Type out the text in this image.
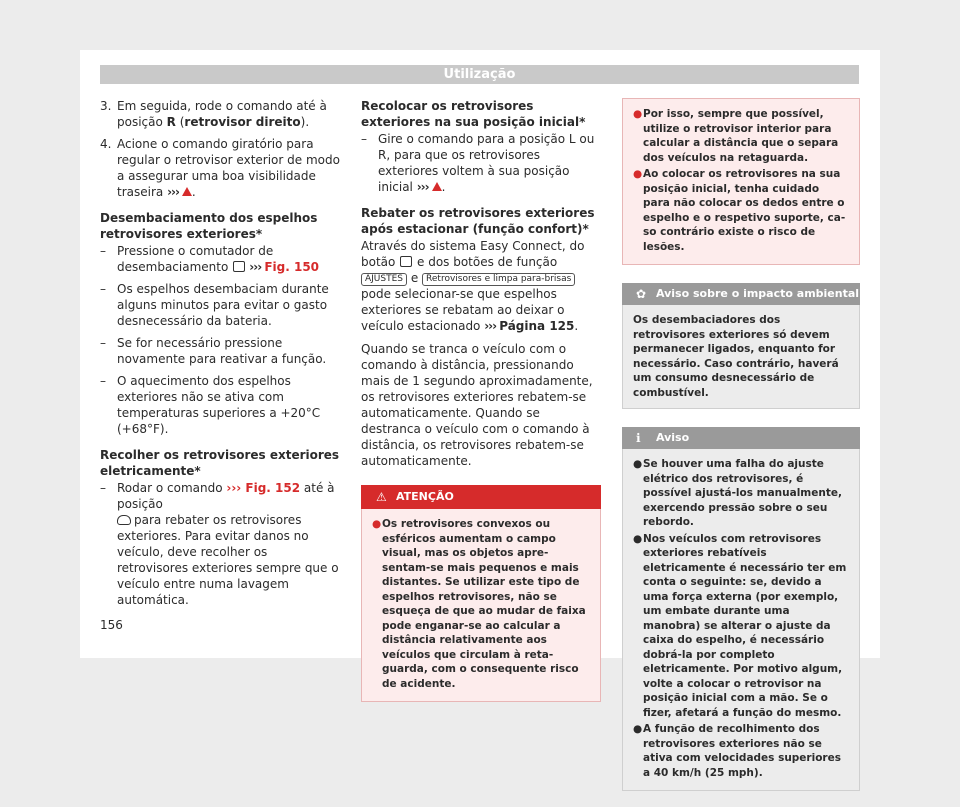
Utilização
3. Em seguida, rode o comando até à posição R (retrovisor direito).
4. Acione o comando giratório para regular o retrovisor exterior de modo a assegurar uma boa visibilidade traseira ››› .

Desembaciamento dos espelhos retrovisores exteriores*

– Pressione o comutador de desembaciamento  ››› Fig. 150
– Os espelhos desembaciam durante alguns minutos para evitar o gasto desnecessário da bateria.
– Se for necessário pressione novamente para reativar a função.
– O aquecimento dos espelhos exteriores não se ativa com temperaturas superiores a +20°C (+68°F).

Recolher os retrovisores exteriores eletricamente*

– Rodar o comando ››› Fig. 152 até à posição
para rebater os retrovisores exteriores. Para evitar danos no veículo, deve recolher os retrovisores exteriores sempre que o veículo entre numa lavagem automática.

Recolocar os retrovisores exteriores na sua posição inicial*

– Gire o comando para a posição L ou R, para que os retrovisores exteriores voltem à sua posição inicial ››› .

Rebater os retrovisores exteriores após estacionar (função confort)*

Através do sistema Easy Connect, do botão  e dos botões de função AJUSTES e Retrovisores e limpa para-brisas pode selecionar-se que espelhos exteriores se rebatam ao deixar o veículo estacionado ››› Página 125.

Quando se tranca o veículo com o comando à distância, pressionando mais de 1 segundo aproximadamente, os retrovisores exteriores rebatem-se automaticamente. Quando se destranca o veículo com o comando à distância, os retrovisores rebatem-se automaticamente.

⚠ ATENÇÃO
● Os retrovisores convexos ou esféricos aumentam o campo visual, mas os objetos apresentam-se mais pequenos e mais distantes. Se utilizar este tipo de espelhos retrovisores, não se esqueça de que ao mudar de faixa pode enganar-se ao calcular a distância relativamente aos veículos que circulam à retaguarda, com o consequente risco de acidente.
● Por isso, sempre que possível, utilize o retrovisor interior para calcular a distância que o separa dos veículos na retaguarda.
● Ao colocar os retrovisores na sua posição inicial, tenha cuidado para não colocar os dedos entre o espelho e o respetivo suporte, caso contrário existe o risco de lesões.
✿ Aviso sobre o impacto ambiental
Os desembaciadores dos retrovisores exteriores só devem permanecer ligados, enquanto for necessário. Caso contrário, haverá um consumo desnecessário de combustível.
ℹ Aviso
● Se houver uma falha do ajuste elétrico dos retrovisores, é possível ajustá-los manualmente, exercendo pressão sobre o seu rebordo.
● Nos veículos com retrovisores exteriores rebatíveis eletricamente é necessário ter em conta o seguinte: se, devido a uma força externa (por exemplo, um embate durante uma manobra) se alterar o ajuste da caixa do espelho, é necessário dobrá-la por completo eletricamente. Por motivo algum, volte a colocar o retrovisor na posição inicial com a mão. Se o fizer, afetará a função do mesmo.
● A função de recolhimento dos retrovisores exteriores não se ativa com velocidades superiores a 40 km/h (25 mph).
156
